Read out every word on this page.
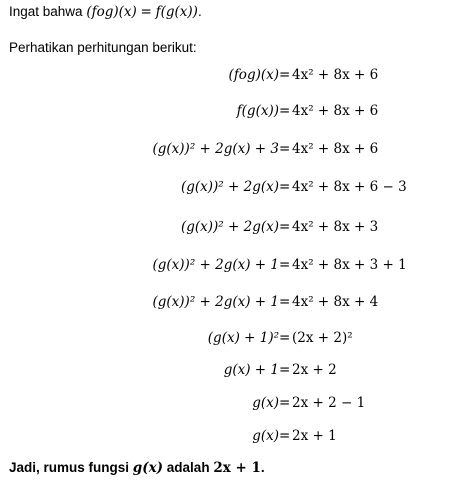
Ingat bahwa (fog)(x) = f(g(x)).
Perhatikan perhitungan berikut:
(fog)(x) = 4x² + 8x + 6
f(g(x)) = 4x² + 8x + 6
(g(x))² + 2g(x) + 3 = 4x² + 8x + 6
(g(x))² + 2g(x) = 4x² + 8x + 6 − 3
(g(x))² + 2g(x) = 4x² + 8x + 3
(g(x))² + 2g(x) + 1 = 4x² + 8x + 3 + 1
(g(x))² + 2g(x) + 1 = 4x² + 8x + 4
(g(x) + 1)² = (2x + 2)²
g(x) + 1 = 2x + 2
g(x) = 2x + 2 − 1
g(x) = 2x + 1
Jadi, rumus fungsi g(x) adalah 2x + 1.
